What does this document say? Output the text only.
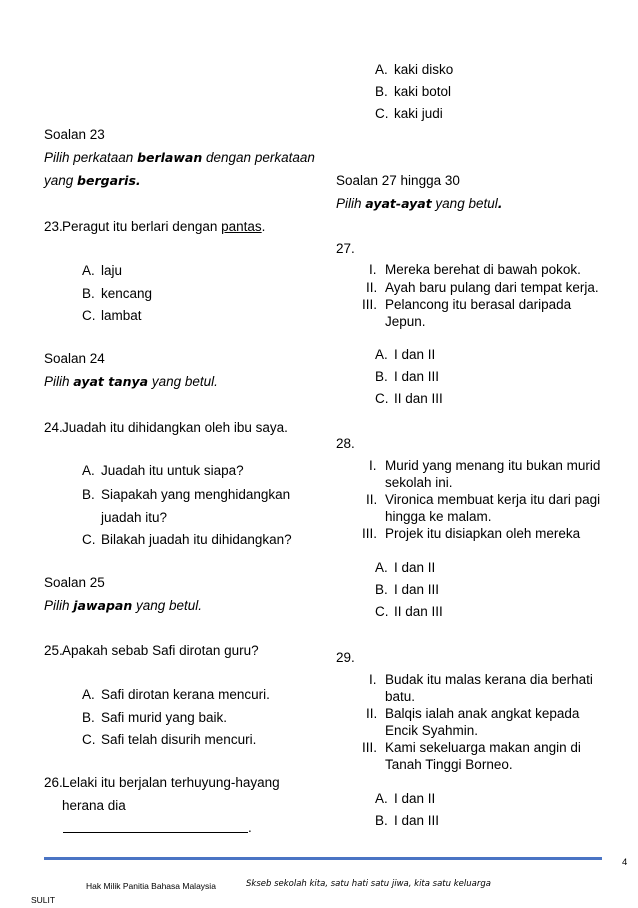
Soalan 23
Pilih perkataan berlawan dengan perkataan
yang bergaris.
23. Peragut itu berlari dengan pantas.
A. laju
B. kencang
C. lambat
Soalan 24
Pilih ayat tanya yang betul.
24. Juadah itu dihidangkan oleh ibu saya.
A. Juadah itu untuk siapa?
B. Siapakah yang menghidangkan
juadah itu?
C. Bilakah juadah itu dihidangkan?
Soalan 25
Pilih jawapan yang betul.
25. Apakah sebab Safi dirotan guru?
A. Safi dirotan kerana mencuri.
B. Safi murid yang baik.
C. Safi telah disurih mencuri.
26. Lelaki itu berjalan terhuyung-hayang
herana dia
.
A. kaki disko
B. kaki botol
C. kaki judi
Soalan 27 hingga 30
Pilih ayat-ayat yang betul.
27.
I. Mereka berehat di bawah pokok.
II. Ayah baru pulang dari tempat kerja.
III. Pelancong itu berasal daripada
Jepun.
A. I dan II
B. I dan III
C. II dan III
28.
I. Murid yang menang itu bukan murid
sekolah ini.
II. Vironica membuat kerja itu dari pagi
hingga ke malam.
III. Projek itu disiapkan oleh mereka
A. I dan II
B. I dan III
C. II dan III
29.
I. Budak itu malas kerana dia berhati
batu.
II. Balqis ialah anak angkat kepada
Encik Syahmin.
III. Kami sekeluarga makan angin di
Tanah Tinggi Borneo.
A. I dan II
B. I dan III
4
Hak Milik Panitia Bahasa Malaysia	Skseb sekolah kita, satu hati satu jiwa, kita satu keluarga
SULIT
